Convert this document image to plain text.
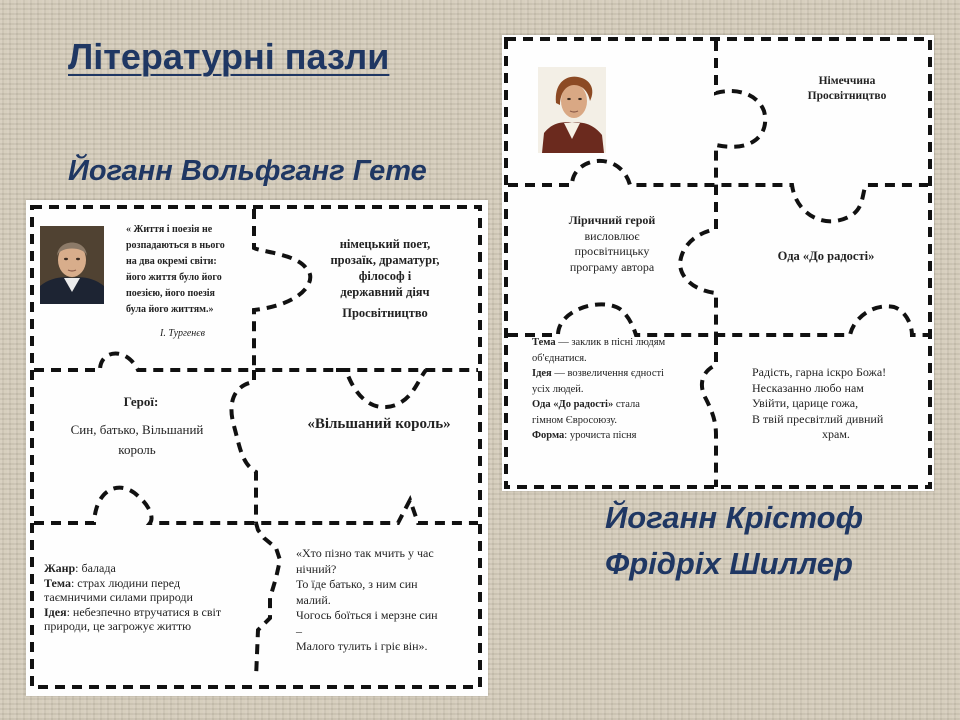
Літературні пазли
Йоганн Вольфганг Гете
Йоганн Крістоф
Фрідріх Шиллер
« Життя і поезія не
розпадаються в нього
на два окремі світи:
його життя було його
поезією, його поезія
була його життям.»
І. Тургенєв
німецький поет,
прозаїк, драматург,
філософ і
державний діяч
Просвітництво
Герої:
Син, батько, Вільшаний
король
«Вільшаний король»
Жанр: балада
Тема: страх людини перед
таємничими силами природи
Ідея: небезпечно втручатися в світ
природи, це загрожує життю
«Хто пізно так мчить у час
нічний?
То їде батько, з ним син
малий.
Чогось боїться і мерзне син
–
Малого тулить і гріє він».
Німеччина
Просвітництво
Ліричний герой
висловлює
просвітницьку
програму автора
Ода «До радості»
Тема — заклик в пісні людям
об'єднатися.
Ідея — возвеличення єдності
усіх людей.
Ода «До радості» стала
гімном Євросоюзу.
Форма: урочиста пісня
Радість, гарна іскро Божа!
Несказанно любо нам
Увійти, царице гожа,
В твій пресвітлий дивний
храм.
